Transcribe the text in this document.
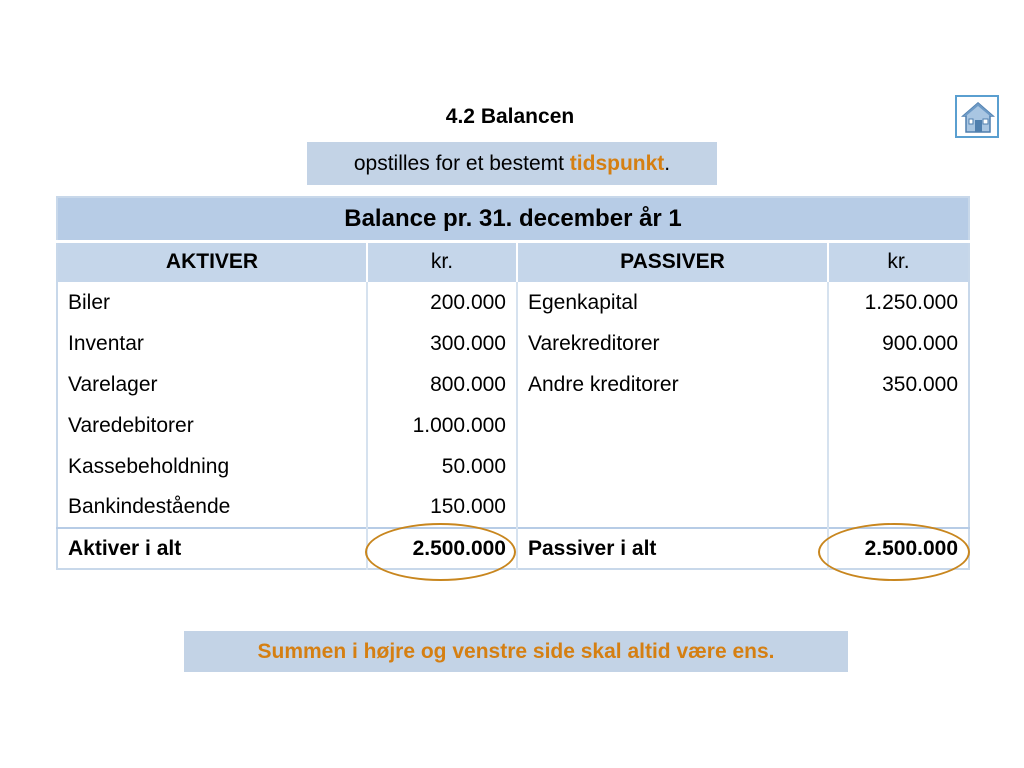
4.2 Balancen
opstilles for et bestemt tidspunkt.
Balance pr. 31. december år 1			
AKTIVER	kr.	PASSIVER	kr.
Biler	200.000	Egenkapital	1.250.000
Inventar	300.000	Varekreditorer	900.000
Varelager	800.000	Andre kreditorer	350.000
Varedebitorer	1.000.000		
Kassebeholdning	50.000		
Bankindestående	150.000		
Aktiver i alt	2.500.000	Passiver i alt	2.500.000
Summen i højre og venstre side skal altid være ens.
